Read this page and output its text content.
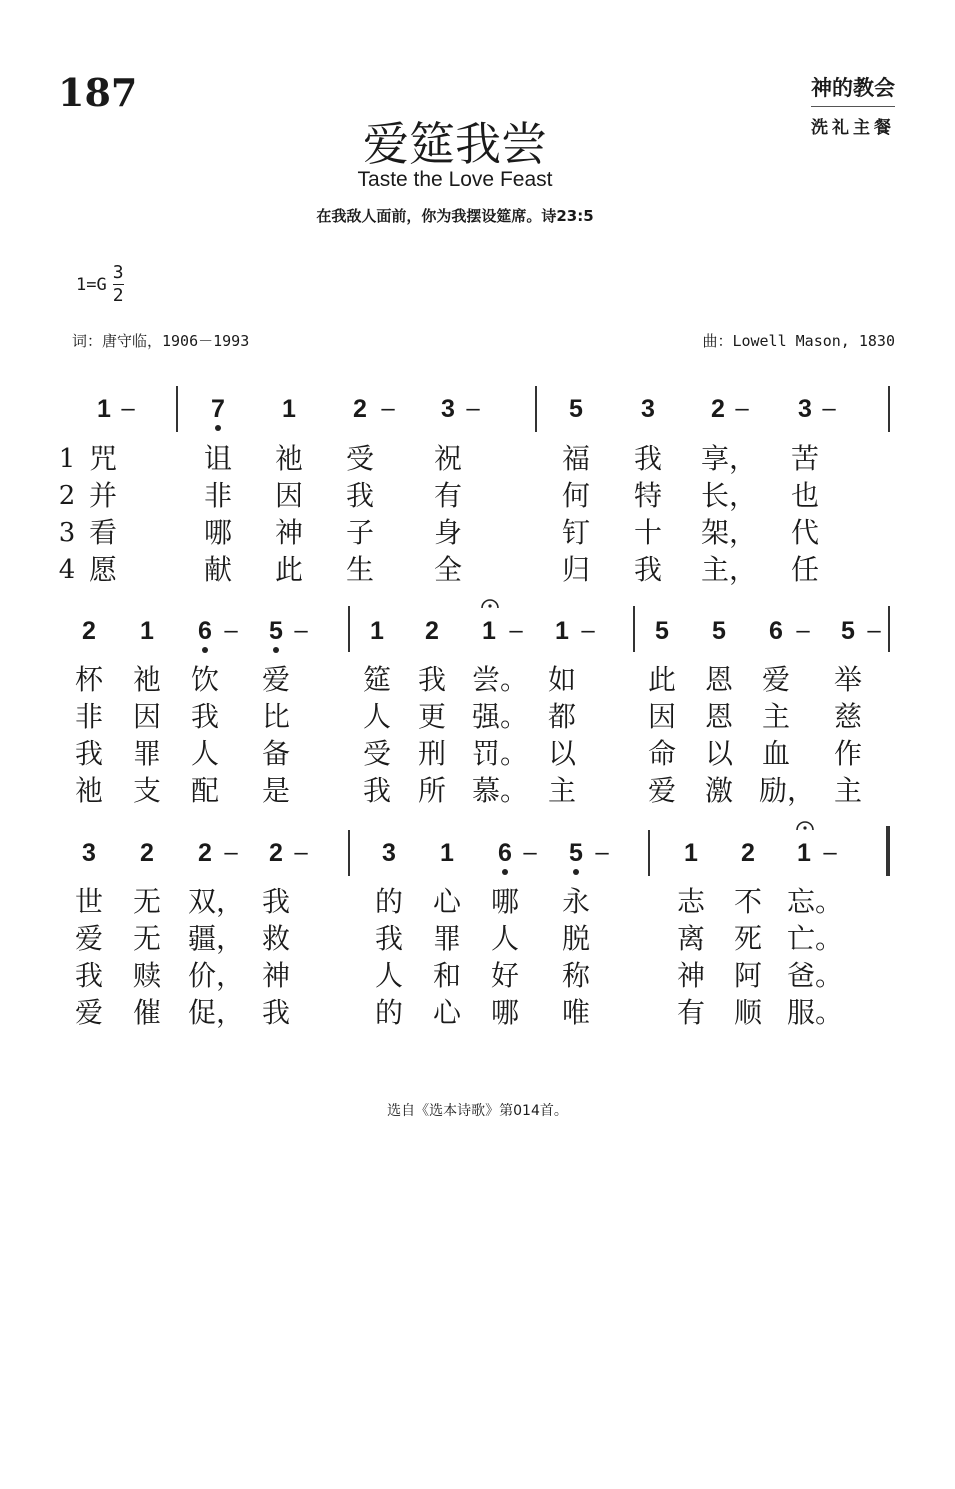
187	神的教会
洗礼主餐
爱筵我尝
Taste the Love Feast
在我敌人面前，你为我摆设筵席。诗23:5
$1=G \frac{3}{2}$
词：唐守临，1906－1993	曲：Lowell Mason, 1830
1 –	7	1	2 –	3 –	5	3	2 –	3 –
1 咒	诅 祂 受 祝	福 我 享， 苦
2 并	非 因 我 有	何 特 长， 也
3 看	哪 神 子 身	钉 十 架， 代
4 愿	献 此 生 全	归 我 主， 任
2	1	6 –	5 –	1	2	1 –	1 –	5	5	6 –	5 –
杯 祂 饮 爱	筵 我 尝。 如	此 恩 爱 举
非 因 我 比	人 更 强。 都	因 恩 主 慈
我 罪 人 备	受 刑 罚。 以	命 以 血 作
祂 支 配 是	我 所 慕。 主	爱 激 励， 主
3	2	2 –	2 –	3	1	6 –	5 –	1	2	1 –
世 无 双， 我	的 心 哪 永	志 不 忘。
爱 无 疆， 救	我 罪 人 脱	离 死 亡。
我 赎 价， 神	人 和 好 称	神 阿 爸。
爱 催 促， 我	的 心 哪 唯	有 顺 服。
选自《选本诗歌》第014首。
